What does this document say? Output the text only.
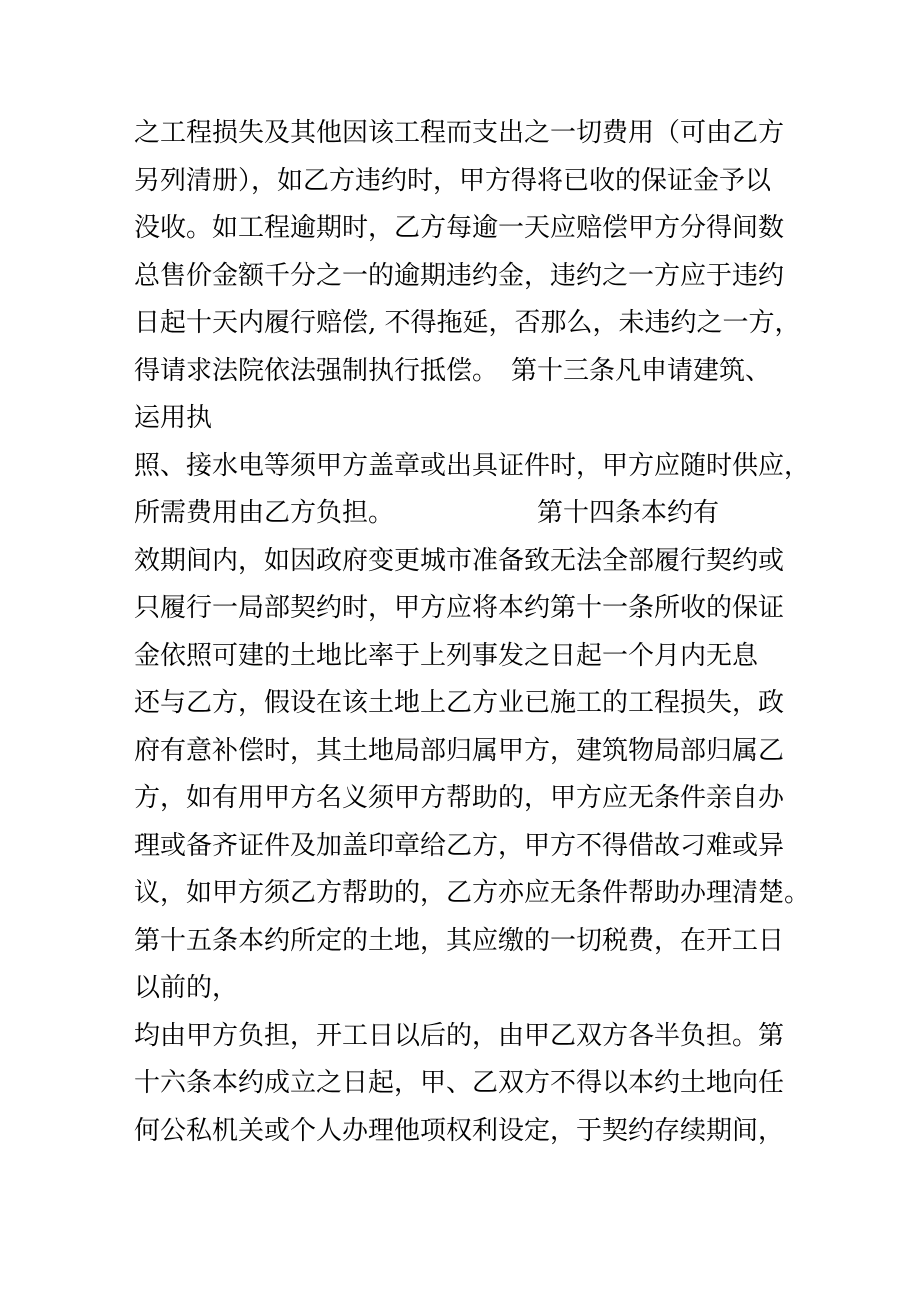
之工程损失及其他因该工程而支出之一切费用（可由乙方
另列清册），如乙方违约时，甲方得将已收的保证金予以
没收。如工程逾期时，乙方每逾一天应赔偿甲方分得间数
总售价金额千分之一的逾期违约金，违约之一方应于违约
日起十天内履行赔偿, 不得拖延，否那么，未违约之一方，
得请求法院依法强制执行抵偿。　第十三条凡申请建筑、
运用执
照、接水电等须甲方盖章或出具证件时，甲方应随时供应，
所需费用由乙方负担。　　　　　　第十四条本约有
效期间内，如因政府变更城市准备致无法全部履行契约或
只履行一局部契约时，甲方应将本约第十一条所收的保证
金依照可建的土地比率于上列事发之日起一个月内无息
还与乙方，假设在该土地上乙方业已施工的工程损失，政
府有意补偿时，其土地局部归属甲方，建筑物局部归属乙
方，如有用甲方名义须甲方帮助的，甲方应无条件亲自办
理或备齐证件及加盖印章给乙方，甲方不得借故刁难或异
议，如甲方须乙方帮助的，乙方亦应无条件帮助办理清楚。
第十五条本约所定的土地，其应缴的一切税费，在开工日
以前的，
均由甲方负担，开工日以后的，由甲乙双方各半负担。第
十六条本约成立之日起，甲、乙双方不得以本约土地向任
何公私机关或个人办理他项权利设定，于契约存续期间，
